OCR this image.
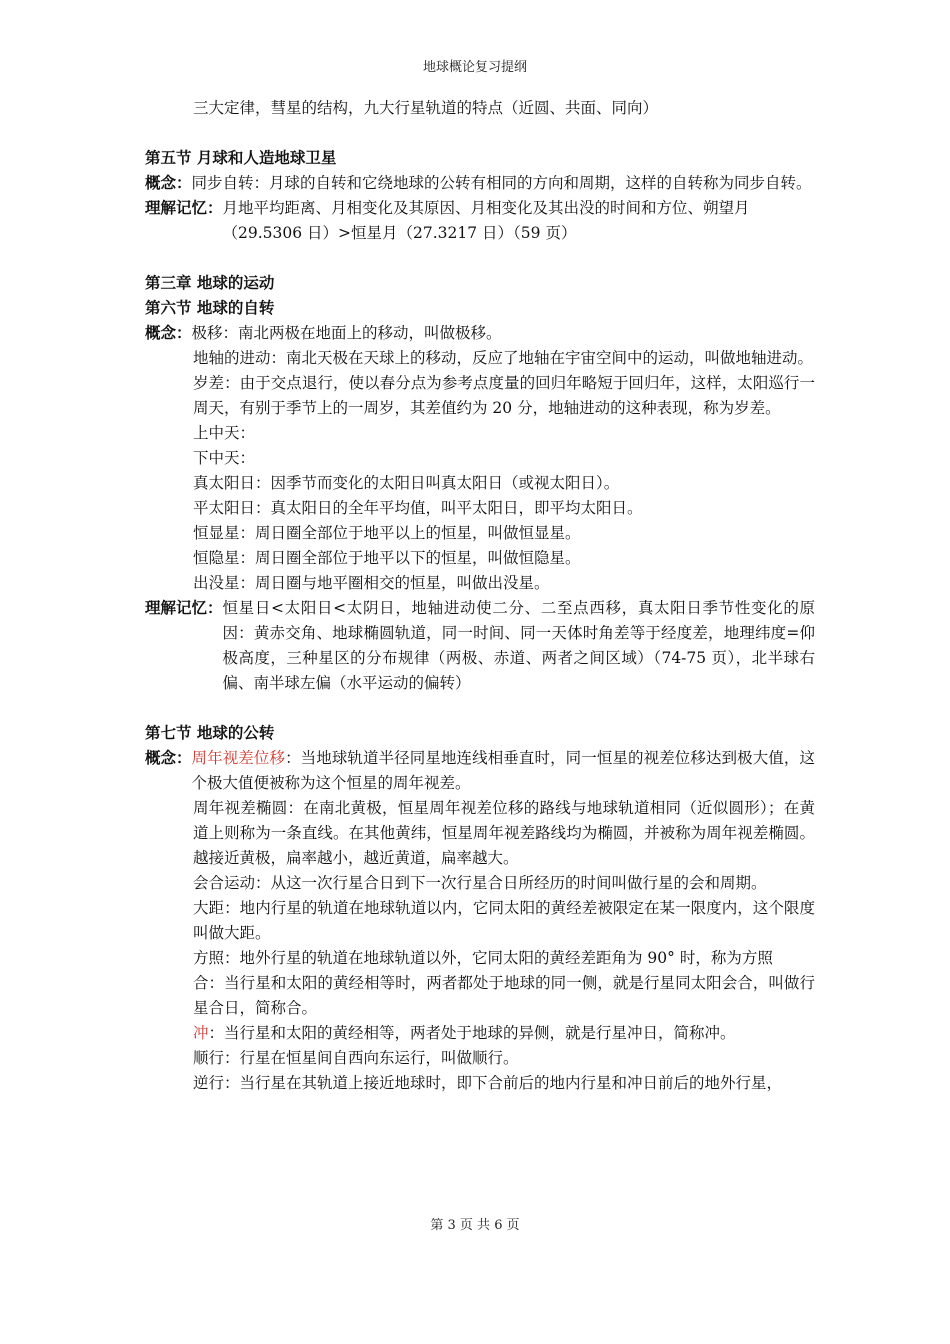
地球概论复习提纲
三大定律，彗星的结构，九大行星轨道的特点（近圆、共面、同向）
第五节 月球和人造地球卫星
概念： 同步自转：月球的自转和它绕地球的公转有相同的方向和周期，这样的自转称为同步自转。
理解记忆： 月地平均距离、月相变化及其原因、月相变化及其出没的时间和方位、朔望月
（29.5306 日）>恒星月（27.3217 日）（59 页）
第三章 地球的运动
第六节 地球的自转
概念： 极移：南北两极在地面上的移动，叫做极移。

地轴的进动：南北天极在天球上的移动，反应了地轴在宇宙空间中的运动，叫做地轴进动。

岁差：由于交点退行，使以春分点为参考点度量的回归年略短于回归年，这样，太阳巡行一周天，有别于季节上的一周岁，其差值约为 20 分，地轴进动的这种表现，称为岁差。

上中天：

下中天：

真太阳日：因季节而变化的太阳日叫真太阳日（或视太阳日）。

平太阳日：真太阳日的全年平均值，叫平太阳日，即平均太阳日。

恒显星：周日圈全部位于地平以上的恒星，叫做恒显星。

恒隐星：周日圈全部位于地平以下的恒星，叫做恒隐星。

出没星：周日圈与地平圈相交的恒星，叫做出没星。

理解记忆： 恒星日<太阳日<太阴日，地轴进动使二分、二至点西移，真太阳日季节性变化的原因：黄赤交角、地球椭圆轨道，同一时间、同一天体时角差等于经度差，地理纬度=仰极高度，三种星区的分布规律（两极、赤道、两者之间区域）（74-75 页），北半球右偏、南半球左偏（水平运动的偏转）
第七节 地球的公转
概念： 周年视差位移：当地球轨道半径同星地连线相垂直时，同一恒星的视差位移达到极大值，这个极大值便被称为这个恒星的周年视差。

周年视差椭圆：在南北黄极，恒星周年视差位移的路线与地球轨道相同（近似圆形）；在黄道上则称为一条直线。在其他黄纬，恒星周年视差路线均为椭圆，并被称为周年视差椭圆。越接近黄极，扁率越小，越近黄道，扁率越大。

会合运动：从这一次行星合日到下一次行星合日所经历的时间叫做行星的会和周期。

大距：地内行星的轨道在地球轨道以内，它同太阳的黄经差被限定在某一限度内，这个限度叫做大距。

方照：地外行星的轨道在地球轨道以外，它同太阳的黄经差距角为 90° 时，称为方照

合：当行星和太阳的黄经相等时，两者都处于地球的同一侧，就是行星同太阳会合，叫做行星合日，简称合。

冲：当行星和太阳的黄经相等，两者处于地球的异侧，就是行星冲日，简称冲。

顺行：行星在恒星间自西向东运行，叫做顺行。

逆行：当行星在其轨道上接近地球时，即下合前后的地内行星和冲日前后的地外行星，

第 3 页 共 6 页
